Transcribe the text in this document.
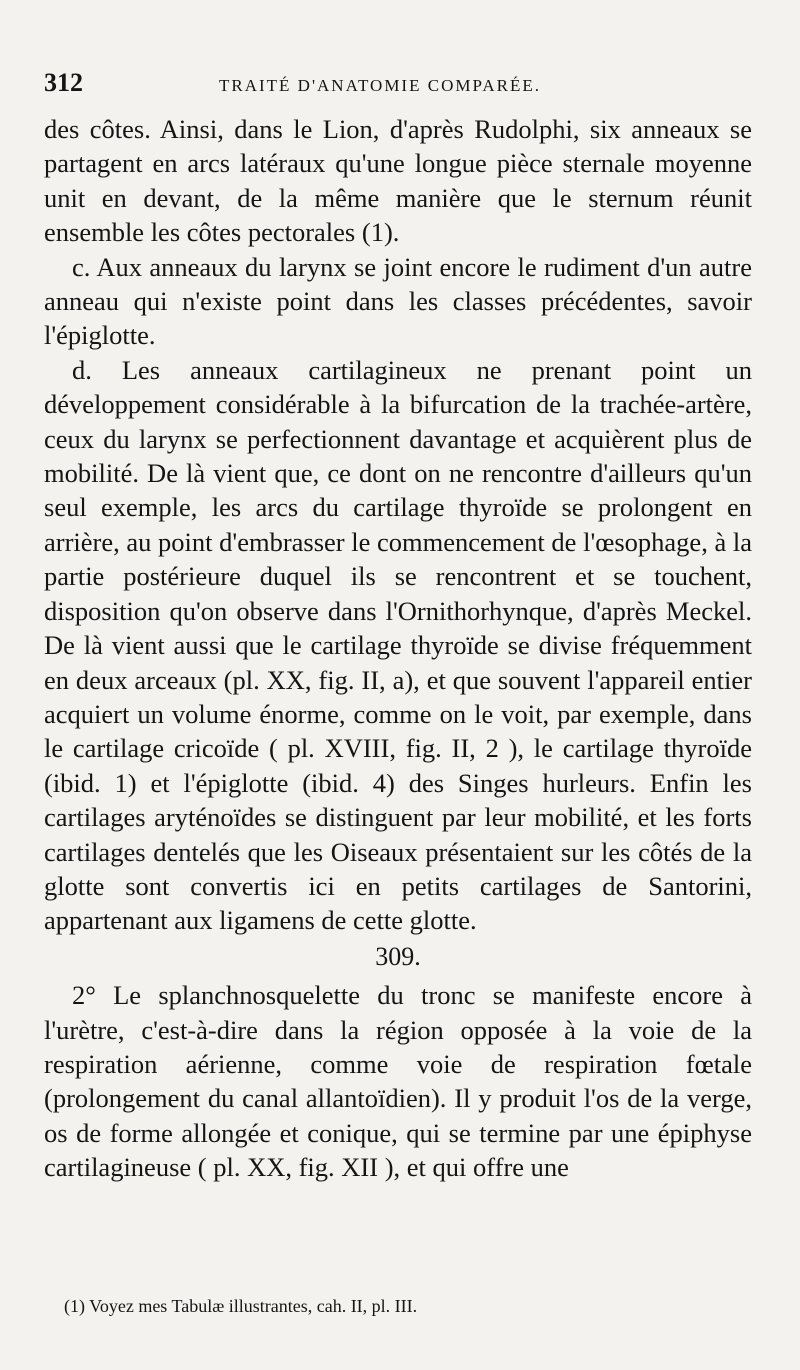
312	TRAITÉ D'ANATOMIE COMPARÉE.

des côtes. Ainsi, dans le Lion, d'après Rudolphi, six anneaux se partagent en arcs latéraux qu'une longue pièce sternale moyenne unit en devant, de la même manière que le sternum réunit ensemble les côtes pectorales (1).

c. Aux anneaux du larynx se joint encore le rudiment d'un autre anneau qui n'existe point dans les classes précédentes, savoir l'épiglotte.

d. Les anneaux cartilagineux ne prenant point un développement considérable à la bifurcation de la trachée-artère, ceux du larynx se perfectionnent davantage et acquièrent plus de mobilité. De là vient que, ce dont on ne rencontre d'ailleurs qu'un seul exemple, les arcs du cartilage thyroïde se prolongent en arrière, au point d'embrasser le commencement de l'œsophage, à la partie postérieure duquel ils se rencontrent et se touchent, disposition qu'on observe dans l'Ornithorhynque, d'après Meckel. De là vient aussi que le cartilage thyroïde se divise fréquemment en deux arceaux (pl. XX, fig. II, a), et que souvent l'appareil entier acquiert un volume énorme, comme on le voit, par exemple, dans le cartilage cricoïde ( pl. XVIII, fig. II, 2 ), le cartilage thyroïde (ibid. 1) et l'épiglotte (ibid. 4) des Singes hurleurs. Enfin les cartilages aryténoïdes se distinguent par leur mobilité, et les forts cartilages dentelés que les Oiseaux présentaient sur les côtés de la glotte sont convertis ici en petits cartilages de Santorini, appartenant aux ligamens de cette glotte.

309.

2° Le splanchnosquelette du tronc se manifeste encore à l'urètre, c'est-à-dire dans la région opposée à la voie de la respiration aérienne, comme voie de respiration fœtale (prolongement du canal allantoïdien). Il y produit l'os de la verge, os de forme allongée et conique, qui se termine par une épiphyse cartilagineuse ( pl. XX, fig. XII ), et qui offre une

(1) Voyez mes Tabulæ illustrantes, cah. II, pl. III.
